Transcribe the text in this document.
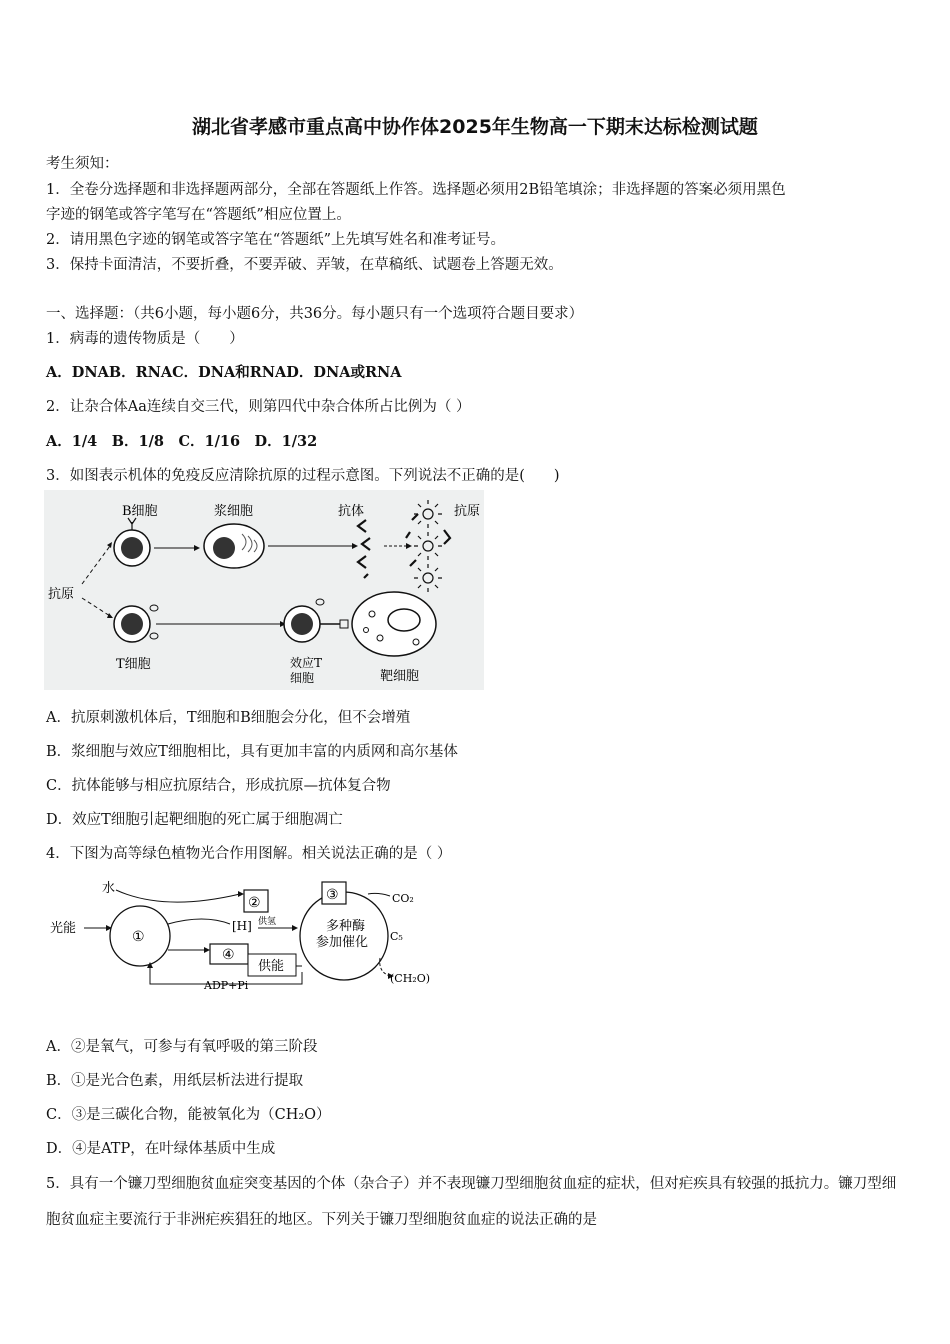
湖北省孝感市重点高中协作体2025年生物高一下期末达标检测试题
考生须知：
1．全卷分选择题和非选择题两部分，全部在答题纸上作答。选择题必须用2B铅笔填涂；非选择题的答案必须用黑色
字迹的钢笔或答字笔写在“答题纸”相应位置上。
2．请用黑色字迹的钢笔或答字笔在“答题纸”上先填写姓名和准考证号。
3．保持卡面清洁，不要折叠，不要弄破、弄皱，在草稿纸、试题卷上答题无效。
一、选择题：（共6小题，每小题6分，共36分。每小题只有一个选项符合题目要求）
1．病毒的遗传物质是（　　）
A．DNAB．RNAC．DNA和RNAD．DNA或RNA
2．让杂合体Aa连续自交三代，则第四代中杂合体所占比例为（ ）
A．1/4　B．1/8　C．1/16　D．1/32
3．如图表示机体的免疫反应清除抗原的过程示意图。下列说法不正确的是(　　)
B细胞	浆细胞	抗体	抗原
抗原
T细胞	效应T
细胞	靶细胞
A．抗原刺激机体后，T细胞和B细胞会分化，但不会增殖
B．浆细胞与效应T细胞相比，具有更加丰富的内质网和高尔基体
C．抗体能够与相应抗原结合，形成抗原—抗体复合物
D．效应T细胞引起靶细胞的死亡属于细胞凋亡
4．下图为高等绿色植物光合作用图解。相关说法正确的是（ ）
水
②
光能
①
[H] 供氢
④
供能
ADP+Pi
③
多种酶
参加催化
CO₂
C₅
(CH₂O)
A．②是氧气，可参与有氧呼吸的第三阶段
B．①是光合色素，用纸层析法进行提取
C．③是三碳化合物，能被氧化为（CH₂O）
D．④是ATP，在叶绿体基质中生成
5．具有一个镰刀型细胞贫血症突变基因的个体（杂合子）并不表现镰刀型细胞贫血症的症状，但对疟疾具有较强的抵抗力。镰刀型细胞贫血症主要流行于非洲疟疾猖狂的地区。下列关于镰刀型细胞贫血症的说法正确的是
